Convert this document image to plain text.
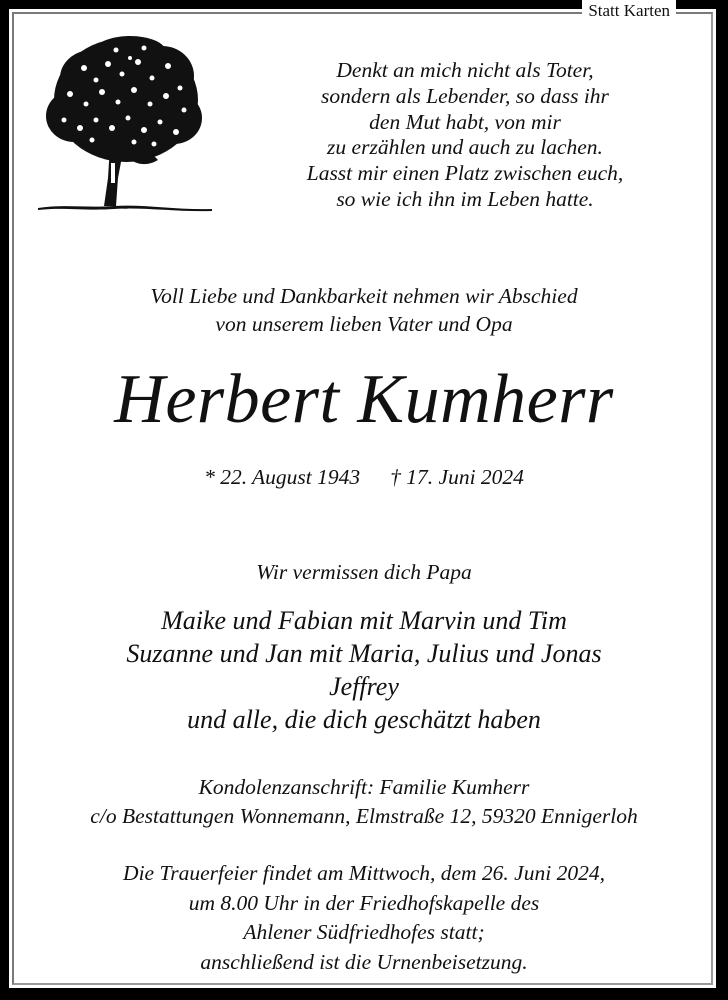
Statt Karten
Denkt an mich nicht als Toter,
sondern als Lebender, so dass ihr
den Mut habt, von mir
zu erzählen und auch zu lachen.
Lasst mir einen Platz zwischen euch,
so wie ich ihn im Leben hatte.
Voll Liebe und Dankbarkeit nehmen wir Abschied
von unserem lieben Vater und Opa
Herbert Kumherr
* 22. August 1943 † 17. Juni 2024
Wir vermissen dich Papa
Maike und Fabian mit Marvin und Tim
Suzanne und Jan mit Maria, Julius und Jonas
Jeffrey
und alle, die dich geschätzt haben
Kondolenzanschrift: Familie Kumherr
c/o Bestattungen Wonnemann, Elmstraße 12, 59320 Ennigerloh
Die Trauerfeier findet am Mittwoch, dem 26. Juni 2024,
um 8.00 Uhr in der Friedhofskapelle des
Ahlener Südfriedhofes statt;
anschließend ist die Urnenbeisetzung.
